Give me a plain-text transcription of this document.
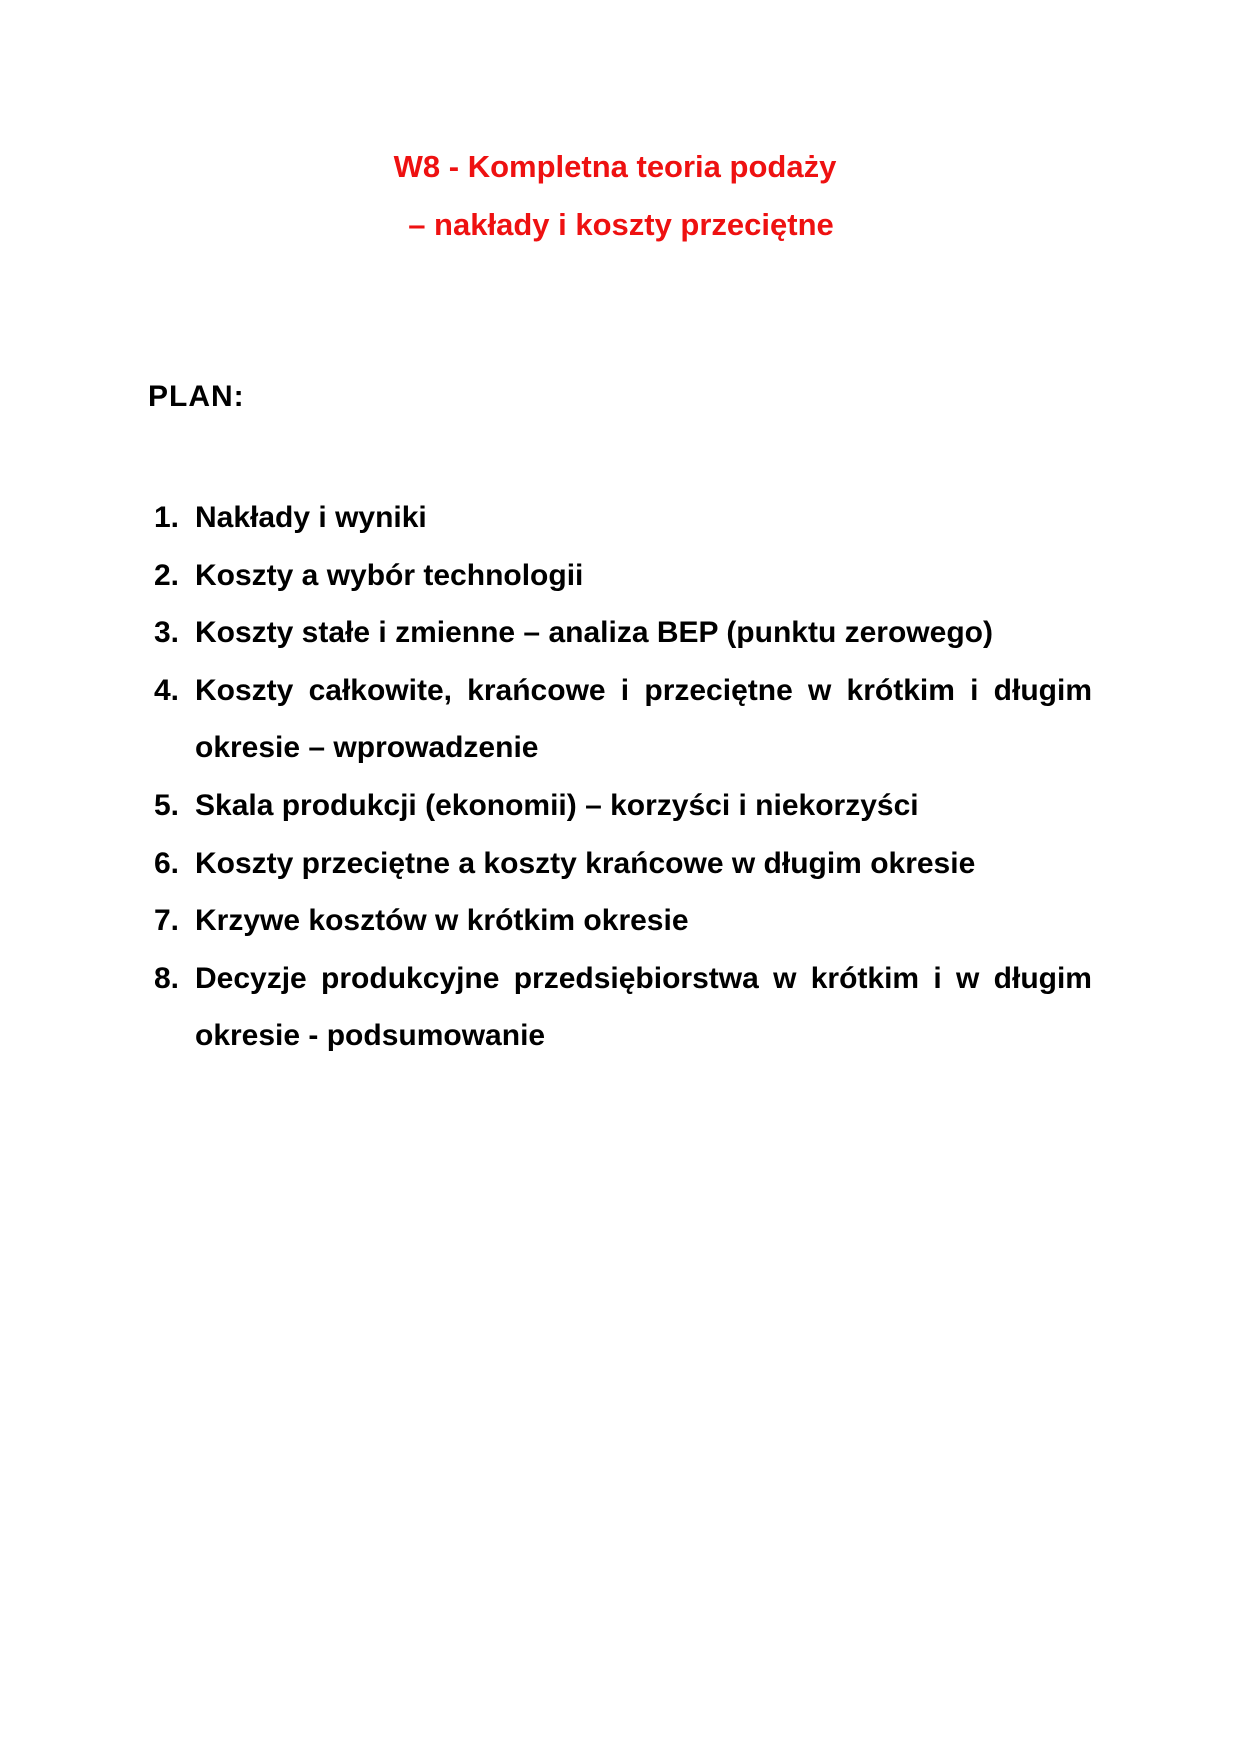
W8 - Kompletna teoria podaży
– nakłady i koszty przeciętne
PLAN:
1. Nakłady i wyniki
2. Koszty a wybór technologii
3. Koszty stałe i zmienne – analiza BEP (punktu zerowego)
4. Koszty całkowite, krańcowe i przeciętne w krótkim i długim okresie – wprowadzenie
5. Skala produkcji (ekonomii) – korzyści i niekorzyści
6. Koszty przeciętne a koszty krańcowe w długim okresie
7. Krzywe kosztów w krótkim okresie
8. Decyzje produkcyjne przedsiębiorstwa w krótkim i w długim okresie - podsumowanie
